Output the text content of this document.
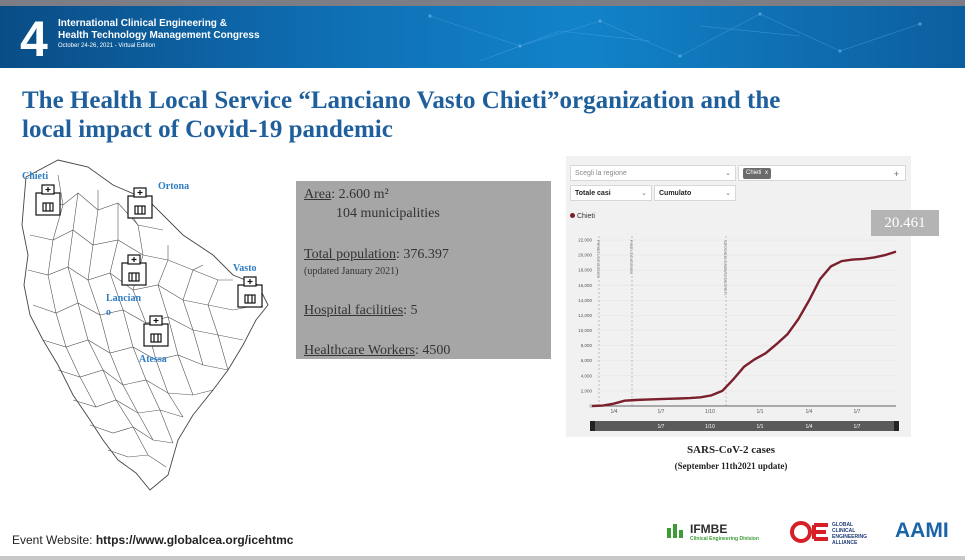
4 International Clinical Engineering &
Health Technology Management Congress
October 24-26, 2021 - Virtual Edition
The Health Local Service “Lanciano Vasto Chieti”organization and the
local impact of Covid-19 pandemic
Chieti
Ortona
Vasto
Lancian
o
Atessa

Area: 2.600 m²

104 municipalities

Total population: 376.397

(updated January 2021)

Hospital facilities: 5

Healthcare Workers: 4500

Scegli la regione	⌄	+
Chieti x
Totale casi	⌄	Cumulato	⌄
Chieti
0
2,000
4,000
6,000
8,000
10,000
12,000
14,000
16,000
18,000
20,000
22,000
1/4	1/7	1/10	1/1	1/4	1/7
PRIMO LOCKDOWN	FINE LOCKDOWN	SECONDA ONDATA DECRETI
1/7	1/10	1/1	1/4	1/7
20.461
SARS-CoV-2 cases
(September 11th2021 update)
Event Website: https://www.globalcea.org/icehtmc
IFMBE
Clinical Engineering Division
GLOBAL CLINICAL ENGINEERING ALLIANCE
AAMI
